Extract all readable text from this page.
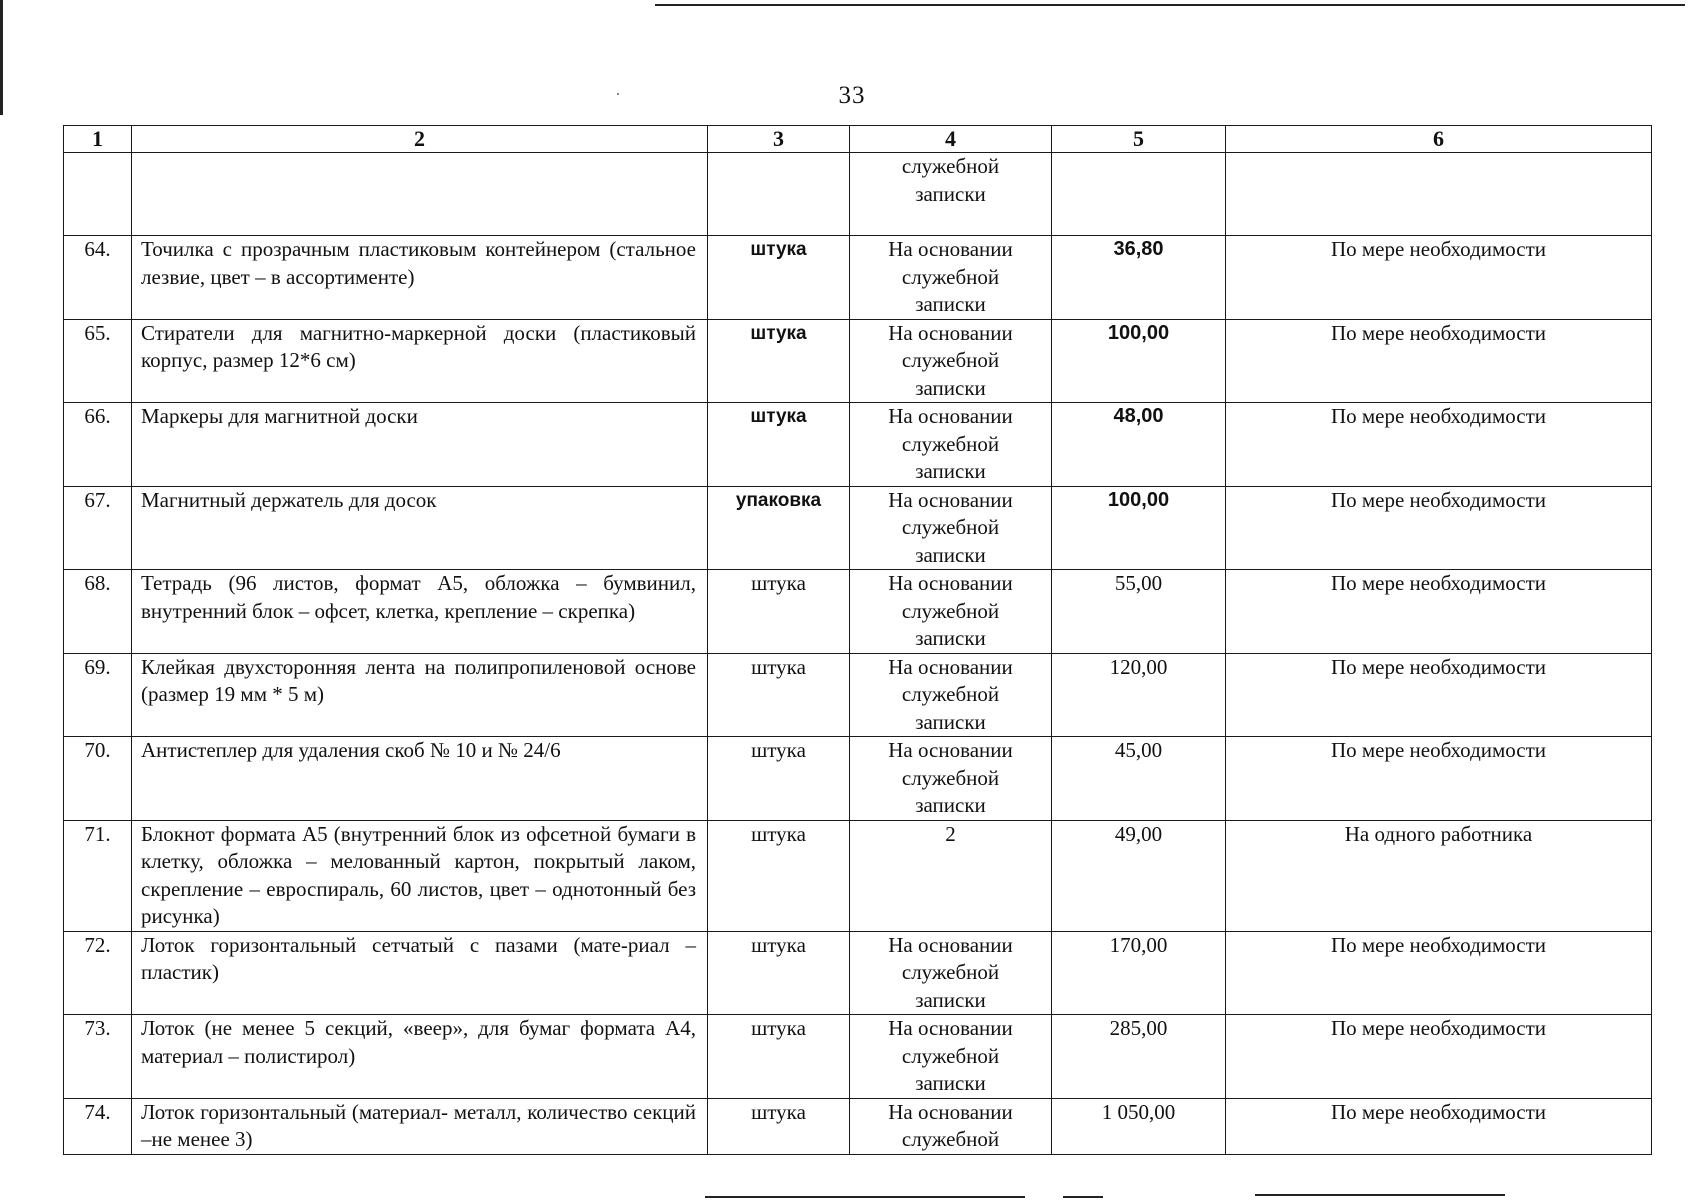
33
1	2	3	4	5	6
			служебной записки		
64.	Точилка с прозрачным пластиковым контейнером (стальное лезвие, цвет – в ассортименте)	штука	На основании служебной записки	36,80	По мере необходимости
65.	Стиратели для магнитно-маркерной доски (пластиковый корпус, размер 12*6 см)	штука	На основании служебной записки	100,00	По мере необходимости
66.	Маркеры для магнитной доски	штука	На основании служебной записки	48,00	По мере необходимости
67.	Магнитный держатель для досок	упаковка	На основании служебной записки	100,00	По мере необходимости
68.	Тетрадь (96 листов, формат А5, обложка – бумвинил, внутренний блок – офсет, клетка, крепление – скрепка)	штука	На основании служебной записки	55,00	По мере необходимости
69.	Клейкая двухсторонняя лента на полипропиленовой основе (размер 19 мм * 5 м)	штука	На основании служебной записки	120,00	По мере необходимости
70.	Антистеплер для удаления скоб № 10 и № 24/6	штука	На основании служебной записки	45,00	По мере необходимости
71.	Блокнот формата А5 (внутренний блок из офсетной бумаги в клетку, обложка – мелованный картон, покрытый лаком, скрепление – евроспираль, 60 листов, цвет – однотонный без рисунка)	штука	2	49,00	На одного работника
72.	Лоток горизонтальный сетчатый с пазами (мате-риал – пластик)	штука	На основании служебной записки	170,00	По мере необходимости
73.	Лоток (не менее 5 секций, «веер», для бумаг формата А4, материал – полистирол)	штука	На основании служебной записки	285,00	По мере необходимости
74.	Лоток горизонтальный (материал- металл, количество секций –не менее 3)	штука	На основании служебной	1 050,00	По мере необходимости
